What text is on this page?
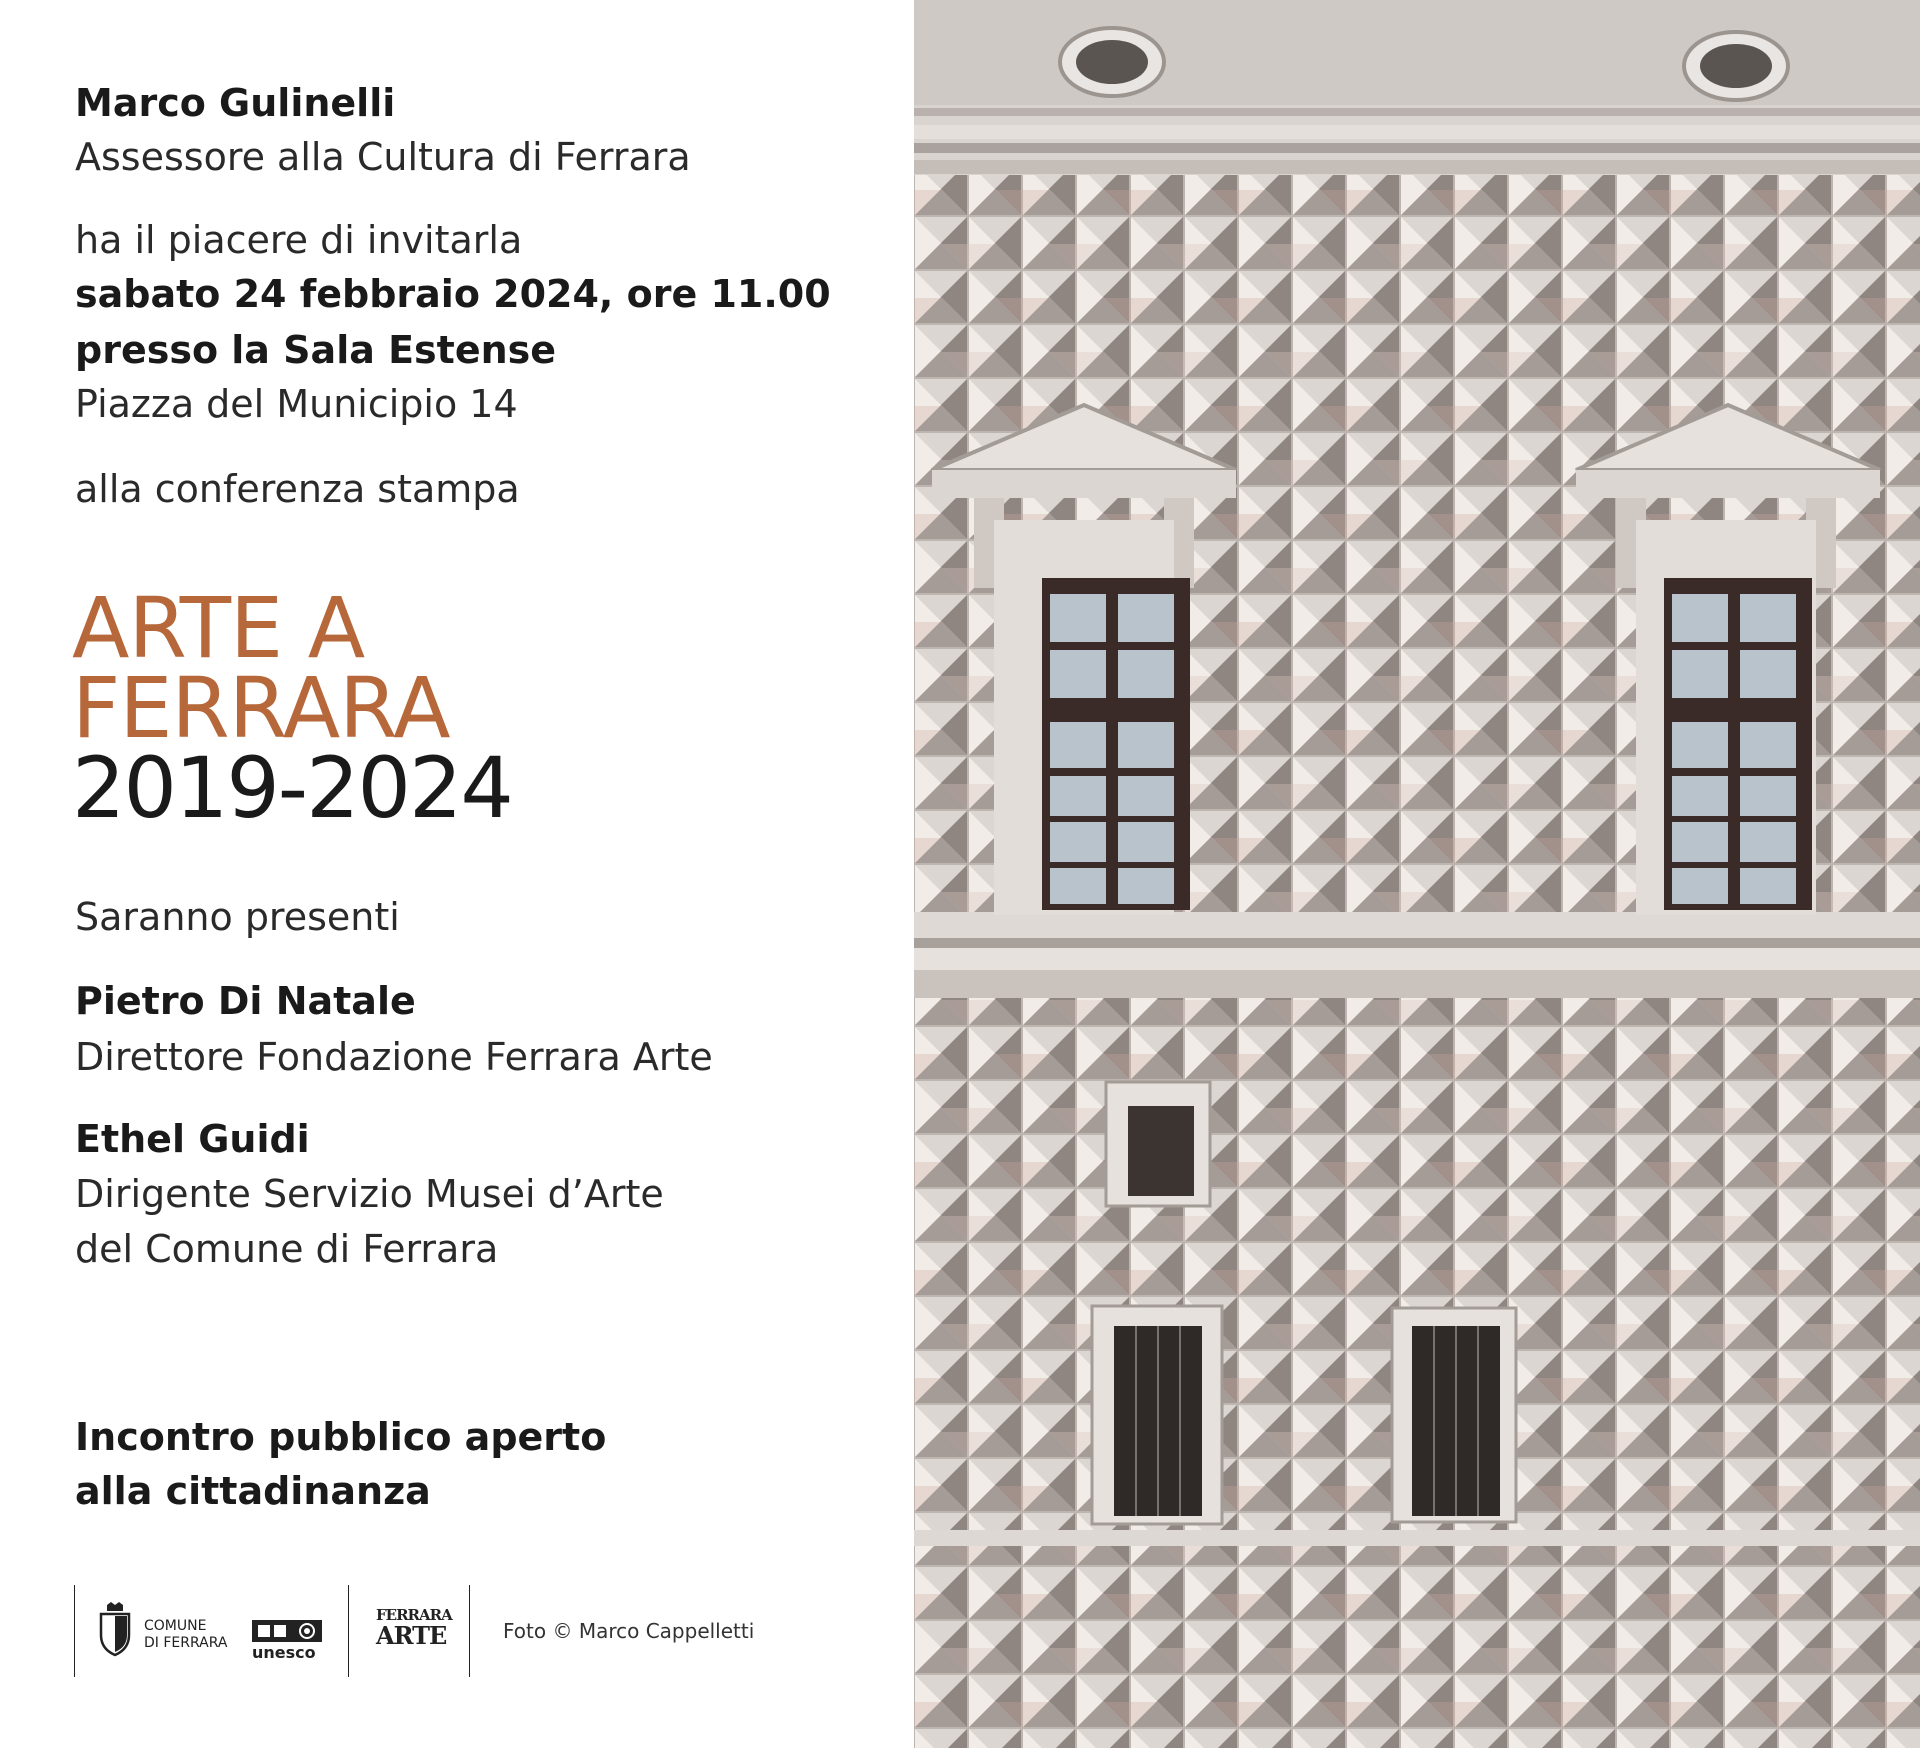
Marco Gulinelli
Assessore alla Cultura di Ferrara
ha il piacere di invitarla
sabato 24 febbraio 2024, ore 11.00
presso la Sala Estense
Piazza del Municipio 14
alla conferenza stampa
ARTE A
FERRARA
2019-2024
Saranno presenti
Pietro Di Natale
Direttore Fondazione Ferrara Arte
Ethel Guidi
Dirigente Servizio Musei d’Arte
del Comune di Ferrara
Incontro pubblico aperto
alla cittadinanza
COMUNE
DI FERRARA unesco
FERRARA
ARTE	Foto © Marco Cappelletti
